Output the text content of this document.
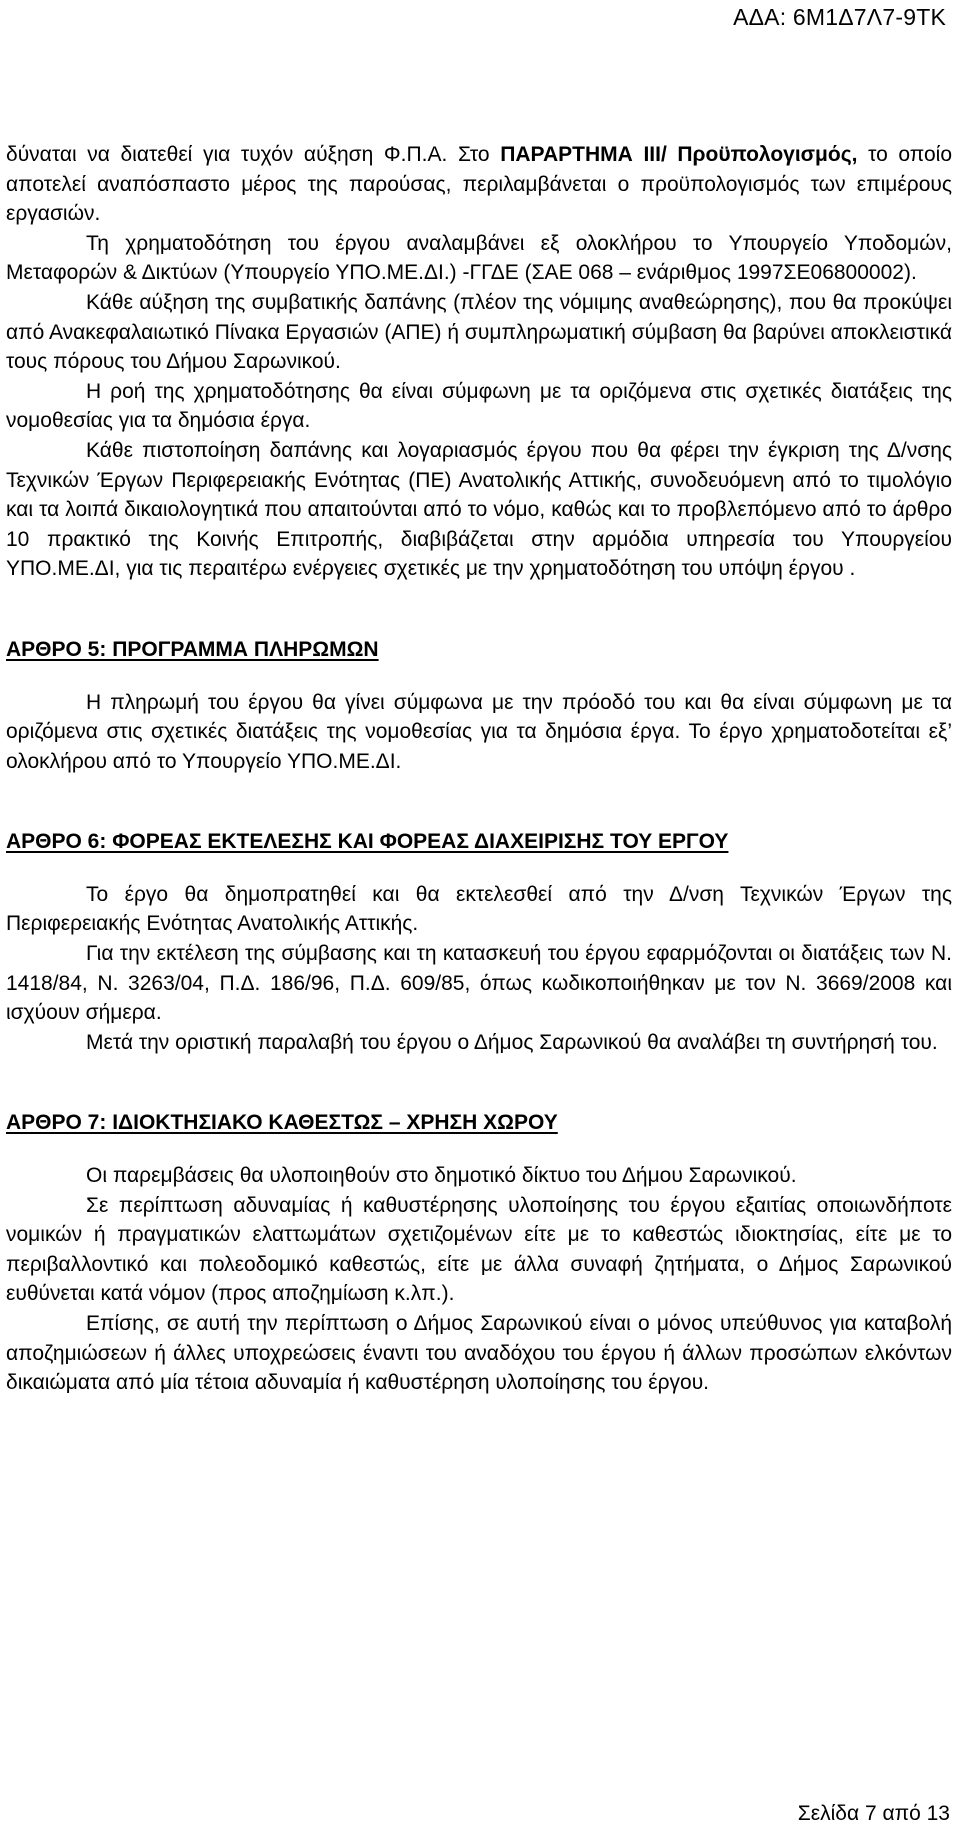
ΑΔΑ: 6Μ1Δ7Λ7-9ΤΚ

δύναται να διατεθεί για τυχόν αύξηση Φ.Π.Α. Στο ΠΑΡΑΡΤΗΜΑ ΙΙΙ/ Προϋπολογισμός, το οποίο αποτελεί αναπόσπαστο μέρος της παρούσας, περιλαμβάνεται ο προϋπολογισμός των επιμέρους εργασιών.

Τη χρηματοδότηση του έργου αναλαμβάνει εξ ολοκλήρου το Υπουργείο Υποδομών, Μεταφορών & Δικτύων (Υπουργείο ΥΠΟ.ΜΕ.ΔΙ.) -ΓΓΔΕ (ΣΑΕ 068 – ενάριθμος 1997ΣΕ06800002).

Κάθε αύξηση της συμβατικής δαπάνης (πλέον της νόμιμης αναθεώρησης), που θα προκύψει από Ανακεφαλαιωτικό Πίνακα Εργασιών (ΑΠΕ) ή συμπληρωματική σύμβαση θα βαρύνει αποκλειστικά τους πόρους του Δήμου Σαρωνικού.

Η ροή της χρηματοδότησης θα είναι σύμφωνη με τα οριζόμενα στις σχετικές διατάξεις της νομοθεσίας για τα δημόσια έργα.

Κάθε πιστοποίηση δαπάνης και λογαριασμός έργου που θα φέρει την έγκριση της Δ/νσης Τεχνικών Έργων Περιφερειακής Ενότητας (ΠΕ) Ανατολικής Αττικής, συνοδευόμενη από το τιμολόγιο και τα λοιπά δικαιολογητικά που απαιτούνται από το νόμο, καθώς και το προβλεπόμενο από το άρθρο 10 πρακτικό της Κοινής Επιτροπής, διαβιβάζεται στην αρμόδια υπηρεσία του Υπουργείου ΥΠΟ.ΜΕ.ΔΙ, για τις περαιτέρω ενέργειες σχετικές με την χρηματοδότηση του υπόψη έργου .

ΑΡΘΡΟ 5: ΠΡΟΓΡΑΜΜΑ ΠΛΗΡΩΜΩΝ

Η πληρωμή του έργου θα γίνει σύμφωνα με την πρόοδό του και θα είναι σύμφωνη με τα οριζόμενα στις σχετικές διατάξεις της νομοθεσίας για τα δημόσια έργα. Το έργο χρηματοδοτείται εξ’ ολοκλήρου από το Υπουργείο ΥΠΟ.ΜΕ.ΔΙ.

ΑΡΘΡΟ 6: ΦΟΡΕΑΣ ΕΚΤΕΛΕΣΗΣ ΚΑΙ ΦΟΡΕΑΣ ΔΙΑΧΕΙΡΙΣΗΣ ΤΟΥ ΕΡΓΟΥ

Το έργο θα δημοπρατηθεί και θα εκτελεσθεί από την Δ/νση Τεχνικών Έργων της Περιφερειακής Ενότητας Ανατολικής Αττικής.

Για την εκτέλεση της σύμβασης και τη κατασκευή του έργου εφαρμόζονται οι διατάξεις των Ν. 1418/84, Ν. 3263/04, Π.Δ. 186/96, Π.Δ. 609/85, όπως κωδικοποιήθηκαν με τον Ν. 3669/2008 και ισχύουν σήμερα.

Μετά την οριστική παραλαβή του έργου ο Δήμος Σαρωνικού θα αναλάβει τη συντήρησή του.

ΑΡΘΡΟ 7: ΙΔΙΟΚΤΗΣΙΑΚΟ ΚΑΘΕΣΤΩΣ – ΧΡΗΣΗ ΧΩΡΟΥ

Οι παρεμβάσεις θα υλοποιηθούν στο δημοτικό δίκτυο του Δήμου Σαρωνικού.

Σε περίπτωση αδυναμίας ή καθυστέρησης υλοποίησης του έργου εξαιτίας οποιωνδήποτε νομικών ή πραγματικών ελαττωμάτων σχετιζομένων είτε με το καθεστώς ιδιοκτησίας, είτε με το περιβαλλοντικό και πολεοδομικό καθεστώς, είτε με άλλα συναφή ζητήματα, ο Δήμος Σαρωνικού ευθύνεται κατά νόμον (προς αποζημίωση κ.λπ.).

Επίσης, σε αυτή την περίπτωση ο Δήμος Σαρωνικού είναι ο μόνος υπεύθυνος για καταβολή αποζημιώσεων ή άλλες υποχρεώσεις έναντι του αναδόχου του έργου ή άλλων προσώπων ελκόντων δικαιώματα από μία τέτοια αδυναμία ή καθυστέρηση υλοποίησης του έργου.

Σελίδα 7 από 13
